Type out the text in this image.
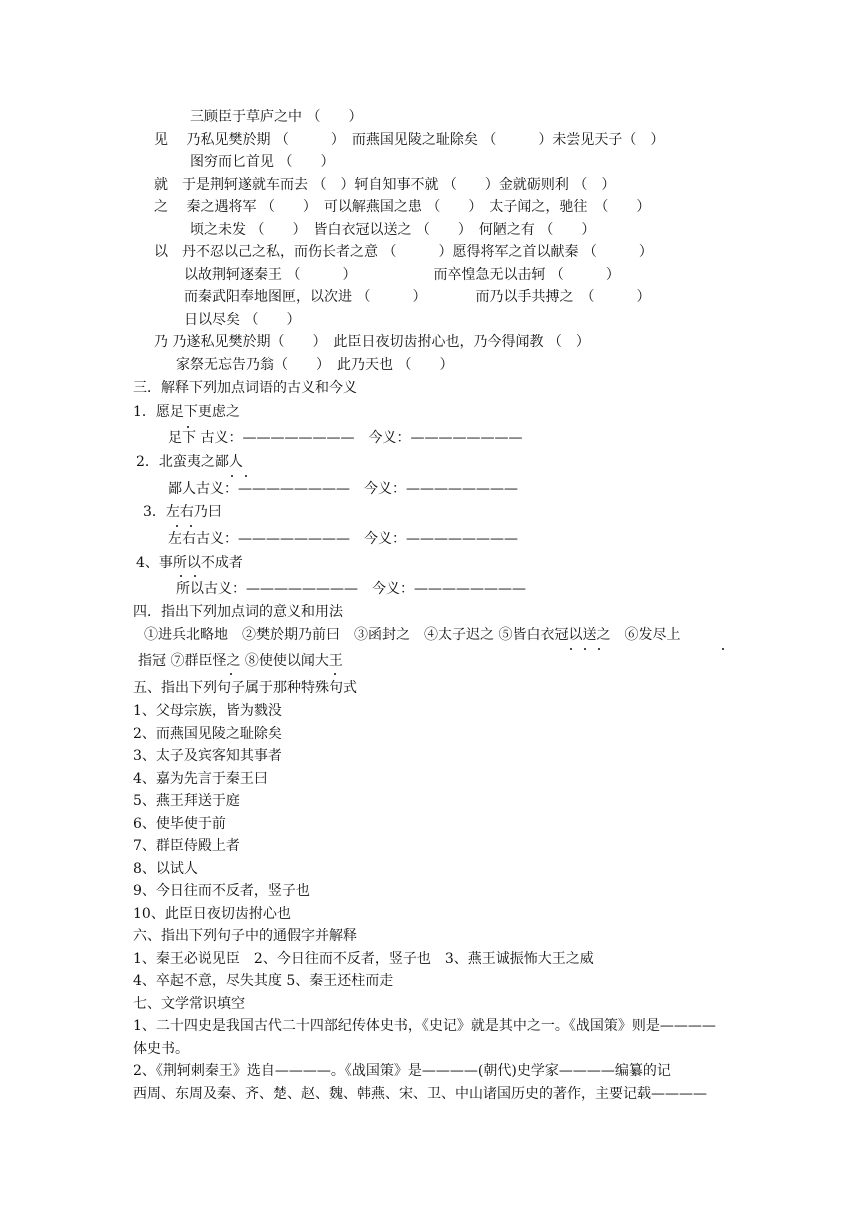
三顾臣于草庐之中 （　　）
见　 乃私见樊於期 （　　　）　而燕国见陵之耻除矣 （　　　）未尝见天子（　）
图穷而匕首见 （　　）
就　于是荆轲遂就车而去 （　）轲自知事不就 （　　）金就砺则利 （　）
之　 秦之遇将军 （　　）　可以解燕国之患 （　　）　太子闻之，驰往　（　　）
顷之未发 （　　）　皆白衣冠以送之 （　　）　何陋之有 （　　）
以　丹不忍以己之私，而伤长者之意 （　　　）愿得将军之首以献秦 （　　　）
以故荆轲逐秦王 （　　　）　　　　　　而卒惶急无以击轲 （　　　）
而秦武阳奉地图匣，以次进 （　　　）　　　　而乃以手共搏之　（　　　）
日以尽矣 （　　）
乃 乃遂私见樊於期（　　）　此臣日夜切齿拊心也，乃今得闻教 （　）
家祭无忘告乃翁（　　）　此乃天也 （　　）
三．解释下列加点词语的古义和今义
1．愿足下更虑之
足下 古义：————————　今义：————————
2．北蛮夷之鄙人
鄙人古义：————————　今义：————————
3．左右乃曰
左右古义：————————　今义：————————
4、事所以不成者
所以古义：————————　今义：————————
四．指出下列加点词的意义和用法
①进兵北略地　②樊於期乃前曰　③函封之　④太子迟之 ⑤皆白衣冠以送之　⑥发尽上
指冠 ⑦群臣怪之 ⑧使使以闻大王
五、指出下列句子属于那种特殊句式
1、父母宗族，皆为戮没
2、而燕国见陵之耻除矣
3、太子及宾客知其事者
4、嘉为先言于秦王曰
5、燕王拜送于庭
6、使毕使于前
7、群臣侍殿上者
8、以试人
9、今日往而不反者，竖子也
10、此臣日夜切齿拊心也
六、指出下列句子中的通假字并解释
1、秦王必说见臣　2、今日往而不反者，竖子也　3、燕王诚振怖大王之威
4、卒起不意，尽失其度 5、秦王还柱而走
七、文学常识填空
1、二十四史是我国古代二十四部纪传体史书，《史记》就是其中之一。《战国策》则是————
体史书。
2、《荆轲刺秦王》选自————。《战国策》是————(朝代)史学家————编纂的记
西周、东周及秦、齐、楚、赵、魏、韩燕、宋、卫、中山诸国历史的著作，主要记载————
